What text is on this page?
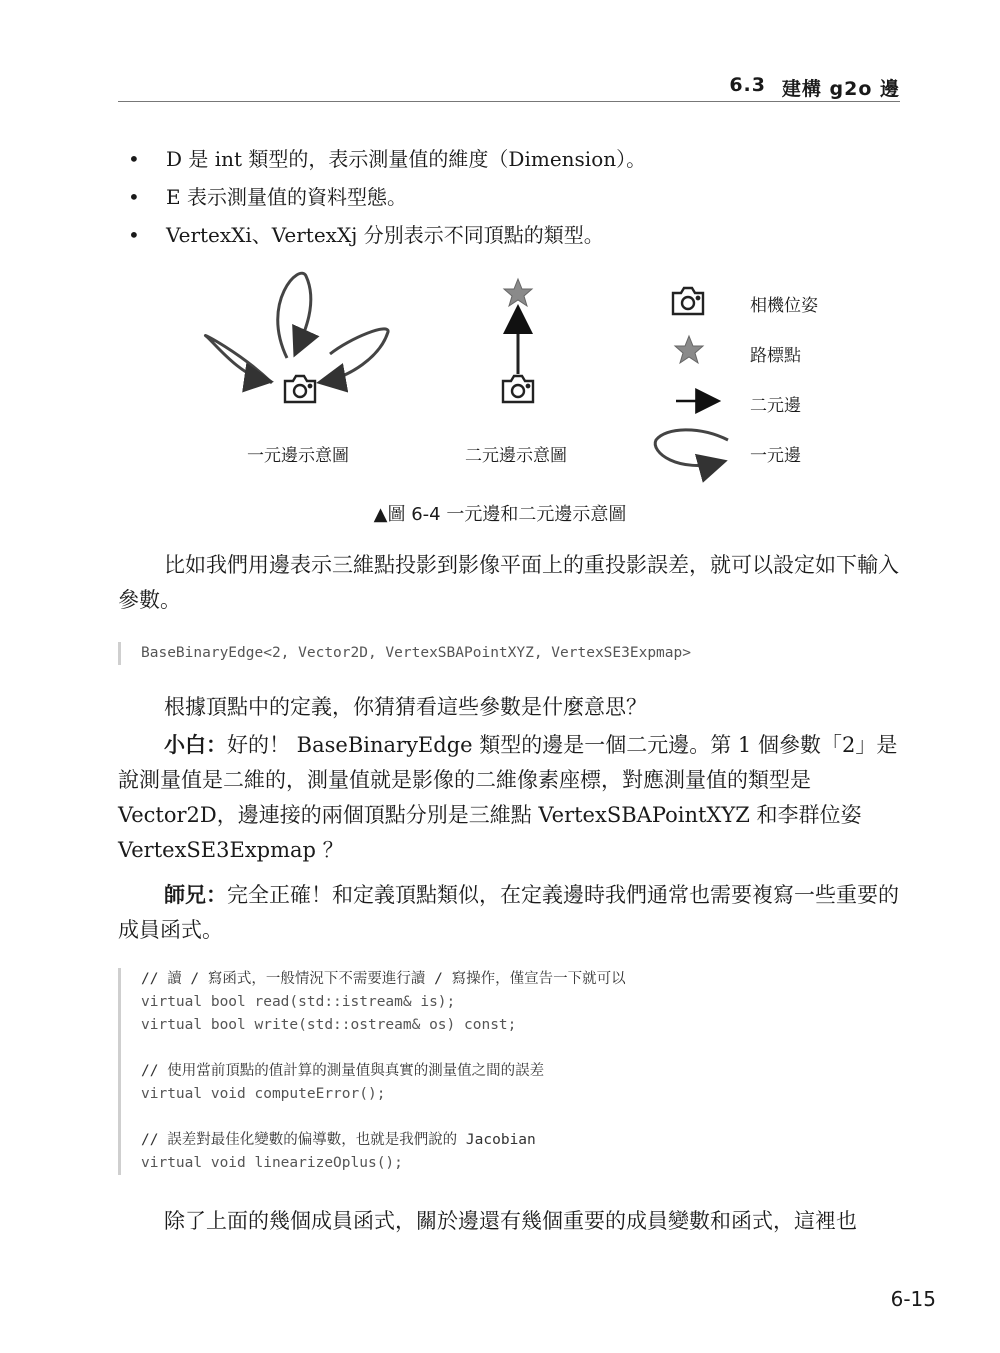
6.3 建構 g2o 邊
• D 是 int 類型的，表示測量值的維度（Dimension）。
• E 表示測量值的資料型態。
• VertexXi、VertexXj 分別表示不同頂點的類型。
一元邊示意圖	二元邊示意圖
相機位姿
路標點
二元邊
一元邊
▲圖 6-4 一元邊和二元邊示意圖

比如我們用邊表示三維點投影到影像平面上的重投影誤差，就可以設定如下輸入參數。

BaseBinaryEdge<2, Vector2D, VertexSBAPointXYZ, VertexSE3Expmap>

根據頂點中的定義，你猜猜看這些參數是什麼意思？

小白：好的！ BaseBinaryEdge 類型的邊是一個二元邊。第 1 個參數「2」是說測量值是二維的，測量值就是影像的二維像素座標，對應測量值的類型是 Vector2D，邊連接的兩個頂點分別是三維點 VertexSBAPointXYZ 和李群位姿 VertexSE3Expmap ？

師兄：完全正確！和定義頂點類似，在定義邊時我們通常也需要複寫一些重要的成員函式。

// 讀 / 寫函式，一般情況下不需要進行讀 / 寫操作，僅宣告一下就可以
virtual bool read(std::istream& is);
virtual bool write(std::ostream& os) const;
// 使用當前頂點的值計算的測量值與真實的測量值之間的誤差
virtual void computeError();
// 誤差對最佳化變數的偏導數，也就是我們說的 Jacobian
virtual void linearizeOplus();

除了上面的幾個成員函式，關於邊還有幾個重要的成員變數和函式，這裡也

6-15
